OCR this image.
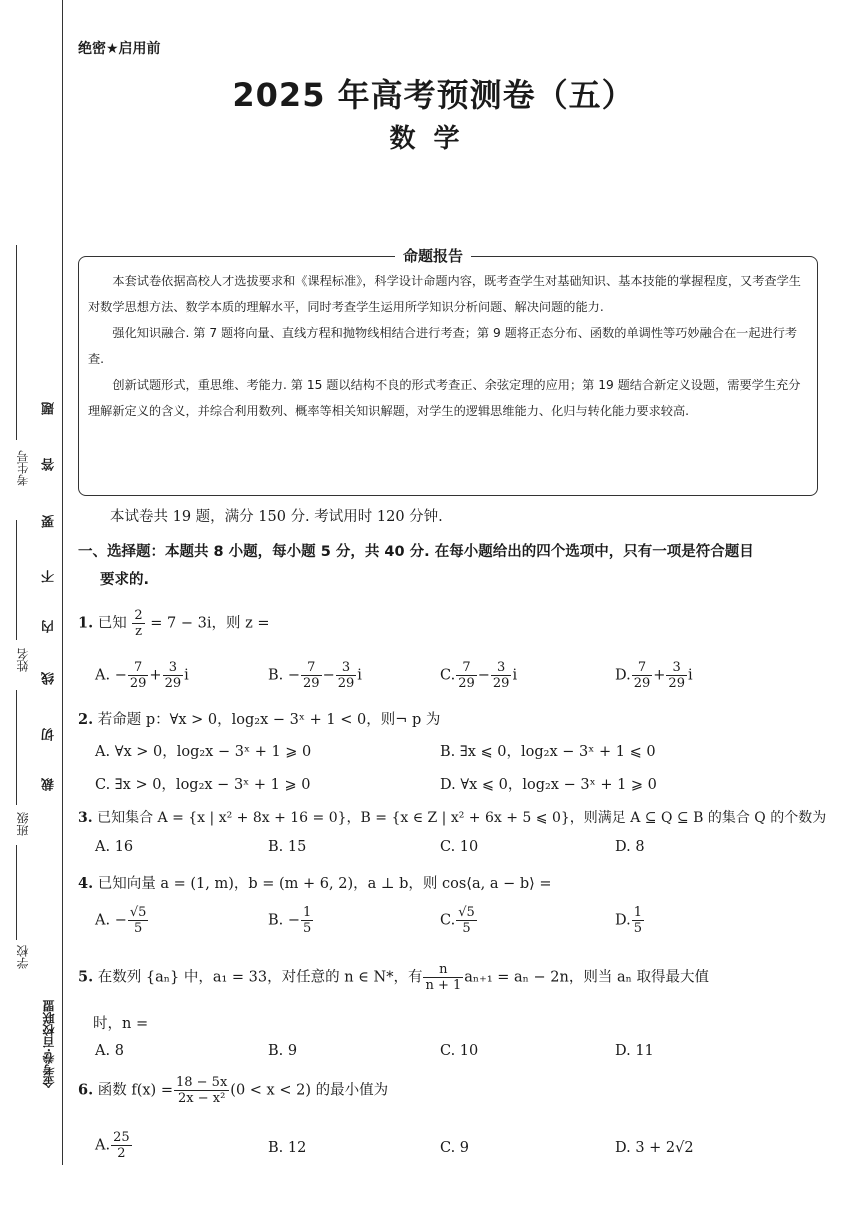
题
答
要
不
内
线
切
裁
考生号
姓名
班级
学校
金考卷·百校联盟
绝密★启用前
2025 年高考预测卷（五）
数学
命题报告

本套试卷依据高校人才选拔要求和《课程标准》，科学设计命题内容，既考查学生对基础知识、基本技能的掌握程度，又考查学生对数学思想方法、数学本质的理解水平，同时考查学生运用所学知识分析问题、解决问题的能力.

强化知识融合. 第 7 题将向量、直线方程和抛物线相结合进行考查；第 9 题将正态分布、函数的单调性等巧妙融合在一起进行考查.

创新试题形式，重思维、考能力. 第 15 题以结构不良的形式考查正、余弦定理的应用；第 19 题结合新定义设题，需要学生充分理解新定义的含义，并综合利用数列、概率等相关知识解题，对学生的逻辑思维能力、化归与转化能力要求较高.

本试卷共 19 题，满分 150 分. 考试用时 120 分钟.
一、选择题：本题共 8 小题，每小题 5 分，共 40 分. 在每小题给出的四个选项中，只有一项是符合题目
要求的.
1. 已知 $\frac{2}{z} = 7 - 3i$，则 z =
A. − $\frac{7}{29} + \frac{3}{29}$ i	B. − $\frac{7}{29} - \frac{3}{29}$ i	C. $\frac{7}{29} - \frac{3}{29}$ i	D. $\frac{7}{29} + \frac{3}{29}$ i
2. 若命题 p：∀x > 0，log₂x − 3ˣ + 1 < 0，则¬ p 为
A. ∀x > 0，log₂x − 3ˣ + 1 ⩾ 0	B. ∃x ⩽ 0，log₂x − 3ˣ + 1 ⩽ 0
C. ∃x > 0，log₂x − 3ˣ + 1 ⩾ 0	D. ∀x ⩽ 0，log₂x − 3ˣ + 1 ⩾ 0
3. 已知集合 A = {x | x² + 8x + 16 = 0}，B = {x ∈ Z | x² + 6x + 5 ⩽ 0}，则满足 A ⊆ Q ⊆ B 的集合 Q 的个数为
A. 16	B. 15	C. 10	D. 8
4. 已知向量 a = (1, m)，b = (m + 6, 2)，a ⊥ b，则 cos⟨a, a − b⟩ =
A. − $\frac{√5}{5}$	B. − $\frac{1}{5}$	C. $\frac{√5}{5}$	D. $\frac{1}{5}$
5. 在数列 {aₙ} 中，a₁ = 33，对任意的 n ∈ N*，有 $\frac{n}{n + 1} a_{n+1} = a_n - 2n$，则当 aₙ 取得最大值
时，n =
A. 8	B. 9	C. 10	D. 11
6. 函数 $f(x) = \frac{18 - 5x}{\text{2x − x²}} (0 < x < 2)$ 的最小值为
A. $\frac{25}{2}$	B. 12	C. 9	D. 3 + 2√2
